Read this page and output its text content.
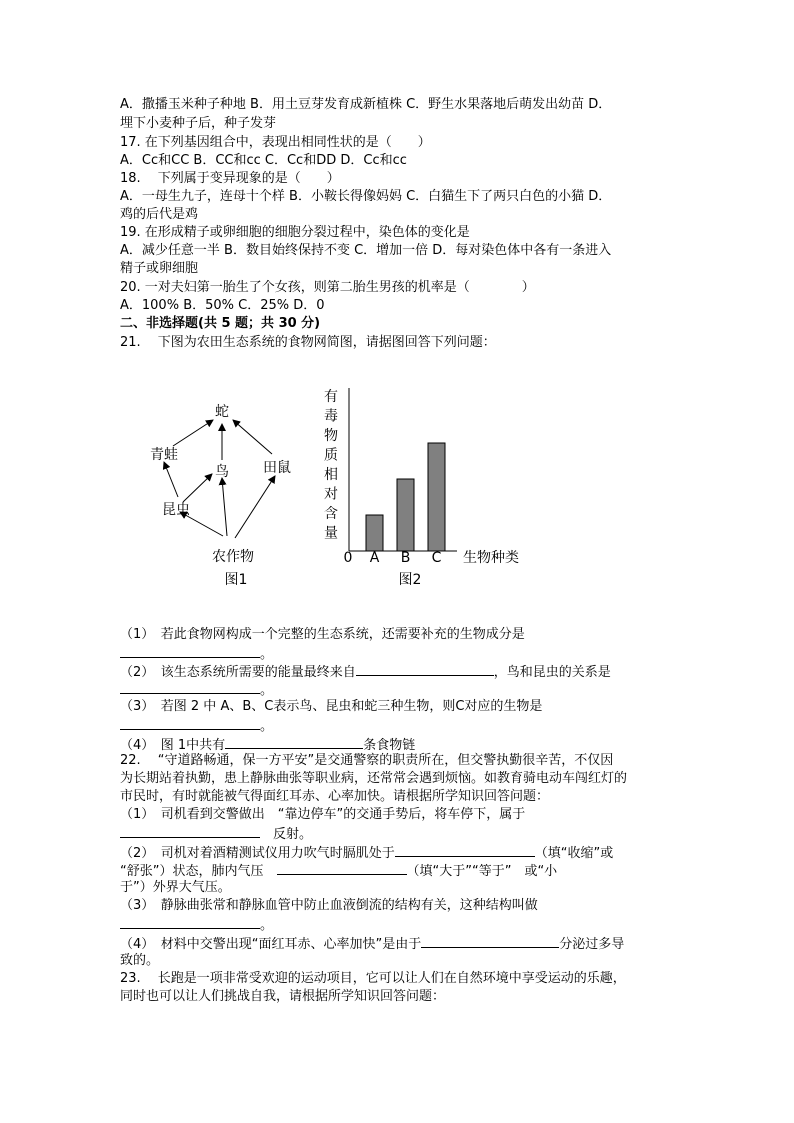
A．撒播玉米种子种地 B．用土豆芽发育成新植株 C．野生水果落地后萌发出幼苗 D．
埋下小麦种子后，种子发芽
17. 在下列基因组合中，表现出相同性状的是（　　）
A．Cc和CC B．CC和cc C．Cc和DD D．Cc和cc
18.　 下列属于变异现象的是（　　）
A．一母生九子，连母十个样 B．小鞍长得像妈妈 C．白猫生下了两只白色的小猫 D．
鸡的后代是鸡
19. 在形成精子或卵细胞的细胞分裂过程中，染色体的变化是
A．减少任意一半 B．数目始终保持不变 C．增加一倍 D．每对染色体中各有一条进入
精子或卵细胞
20. 一对夫妇第一胎生了个女孩，则第二胎生男孩的机率是（　　　　）
A．100% B．50% C．25% D．0
二、非选择题(共 5 题；共 30 分)
21.　 下图为农田生态系统的食物网简图，请据图回答下列问题：
蛇
青蛙
鸟 田鼠
昆虫
农作物
图1
有
毒
物
质
相
对
含
量
A B C
0	生物种类
图2
（1）　若此食物网构成一个完整的生态系统，还需要补充的生物成分是
。
（2）　该生态系统所需要的能量最终来自	，鸟和昆虫的关系是
。
（3）　若图 2 中 A、B、C表示鸟、昆虫和蛇三种生物，则C对应的生物是
。
（4）　图 1中共有	条食物链
22.　 “守道路畅通，保一方平安”是交通警察的职责所在，但交警执勤很辛苦，不仅因
为长期站着执勤，患上静脉曲张等职业病，还常常会遇到烦恼。如教育骑电动车闯红灯的
市民时，有时就能被气得面红耳赤、心率加快。请根据所学知识回答问题：
（1）　司机看到交警做出　“靠边停车”的交通手势后，将车停下，属于
　反射。
（2）　司机对着酒精测试仪用力吹气时膈肌处于	（填“收缩”或
“舒张”）状态，肺内气压　	（填“大于”“等于”　或“小
于”）外界大气压。
（3）　静脉曲张常和静脉血管中防止血液倒流的结构有关，这种结构叫做
。
（4）　材料中交警出现“面红耳赤、心率加快”是由于	分泌过多导
致的。
23.　 长跑是一项非常受欢迎的运动项目，它可以让人们在自然环境中享受运动的乐趣，
同时也可以让人们挑战自我，请根据所学知识回答问题：
